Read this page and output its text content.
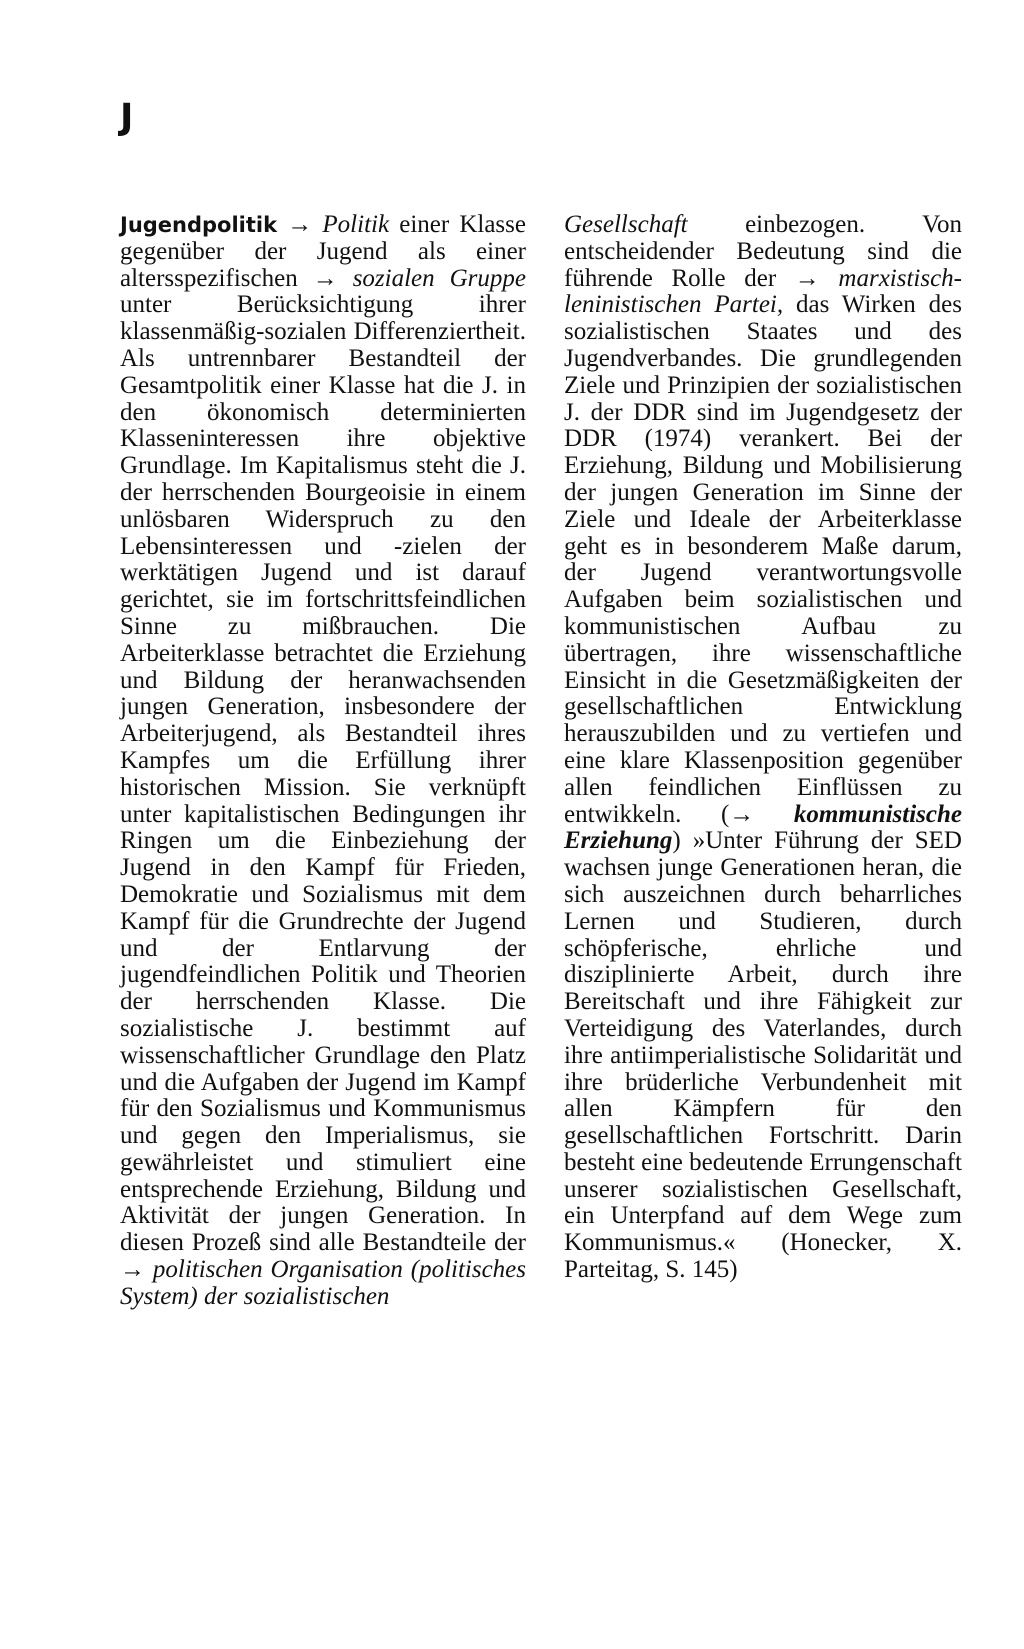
J

Jugendpolitik → Politik einer Klasse gegenüber der Jugend als einer altersspezifischen → sozialen Gruppe unter Berücksichtigung ihrer klassenmäßig-sozialen Differenziertheit. Als untrennbarer Bestandteil der Gesamtpolitik einer Klasse hat die J. in den ökonomisch determinierten Klasseninteressen ihre objektive Grundlage. Im Kapitalismus steht die J. der herrschenden Bourgeoisie in einem unlösbaren Widerspruch zu den Lebensinteressen und -zielen der werktätigen Jugend und ist darauf gerichtet, sie im fortschrittsfeindlichen Sinne zu mißbrauchen. Die Arbeiterklasse betrachtet die Erziehung und Bildung der heranwachsenden jungen Generation, insbesondere der Arbeiterjugend, als Bestandteil ihres Kampfes um die Erfüllung ihrer historischen Mission. Sie verknüpft unter kapitalistischen Bedingungen ihr Ringen um die Einbeziehung der Jugend in den Kampf für Frieden, Demokratie und Sozialismus mit dem Kampf für die Grundrechte der Jugend und der Entlarvung der jugendfeindlichen Politik und Theorien der herrschenden Klasse. Die sozialistische J. bestimmt auf wissenschaftlicher Grundlage den Platz und die Aufgaben der Jugend im Kampf für den Sozialismus und Kommunismus und gegen den Imperialismus, sie gewährleistet und stimuliert eine entsprechende Erziehung, Bildung und Aktivität der jungen Generation. In diesen Prozeß sind alle Bestandteile der → politischen Organisation (politisches System) der sozialistischen

Gesellschaft einbezogen. Von entscheidender Bedeutung sind die führende Rolle der → marxistisch-leninistischen Partei, das Wirken des sozialistischen Staates und des Jugendverbandes. Die grundlegenden Ziele und Prinzipien der sozialistischen J. der DDR sind im Jugendgesetz der DDR (1974) verankert. Bei der Erziehung, Bildung und Mobilisierung der jungen Generation im Sinne der Ziele und Ideale der Arbeiterklasse geht es in besonderem Maße darum, der Jugend verantwortungsvolle Aufgaben beim sozialistischen und kommunistischen Aufbau zu übertragen, ihre wissenschaftliche Einsicht in die Gesetzmäßigkeiten der gesellschaftlichen Entwicklung herauszubilden und zu vertiefen und eine klare Klassenposition gegenüber allen feindlichen Einflüssen zu entwikkeln. (→ kommunistische Erziehung) »Unter Führung der SED wachsen junge Generationen heran, die sich auszeichnen durch beharrliches Lernen und Studieren, durch schöpferische, ehrliche und disziplinierte Arbeit, durch ihre Bereitschaft und ihre Fähigkeit zur Verteidigung des Vaterlandes, durch ihre antiimperialistische Solidarität und ihre brüderliche Verbundenheit mit allen Kämpfern für den gesellschaftlichen Fortschritt. Darin besteht eine bedeutende Errungenschaft unserer sozialistischen Gesellschaft, ein Unterpfand auf dem Wege zum Kommunismus.« (Honecker, X. Parteitag, S. 145)
